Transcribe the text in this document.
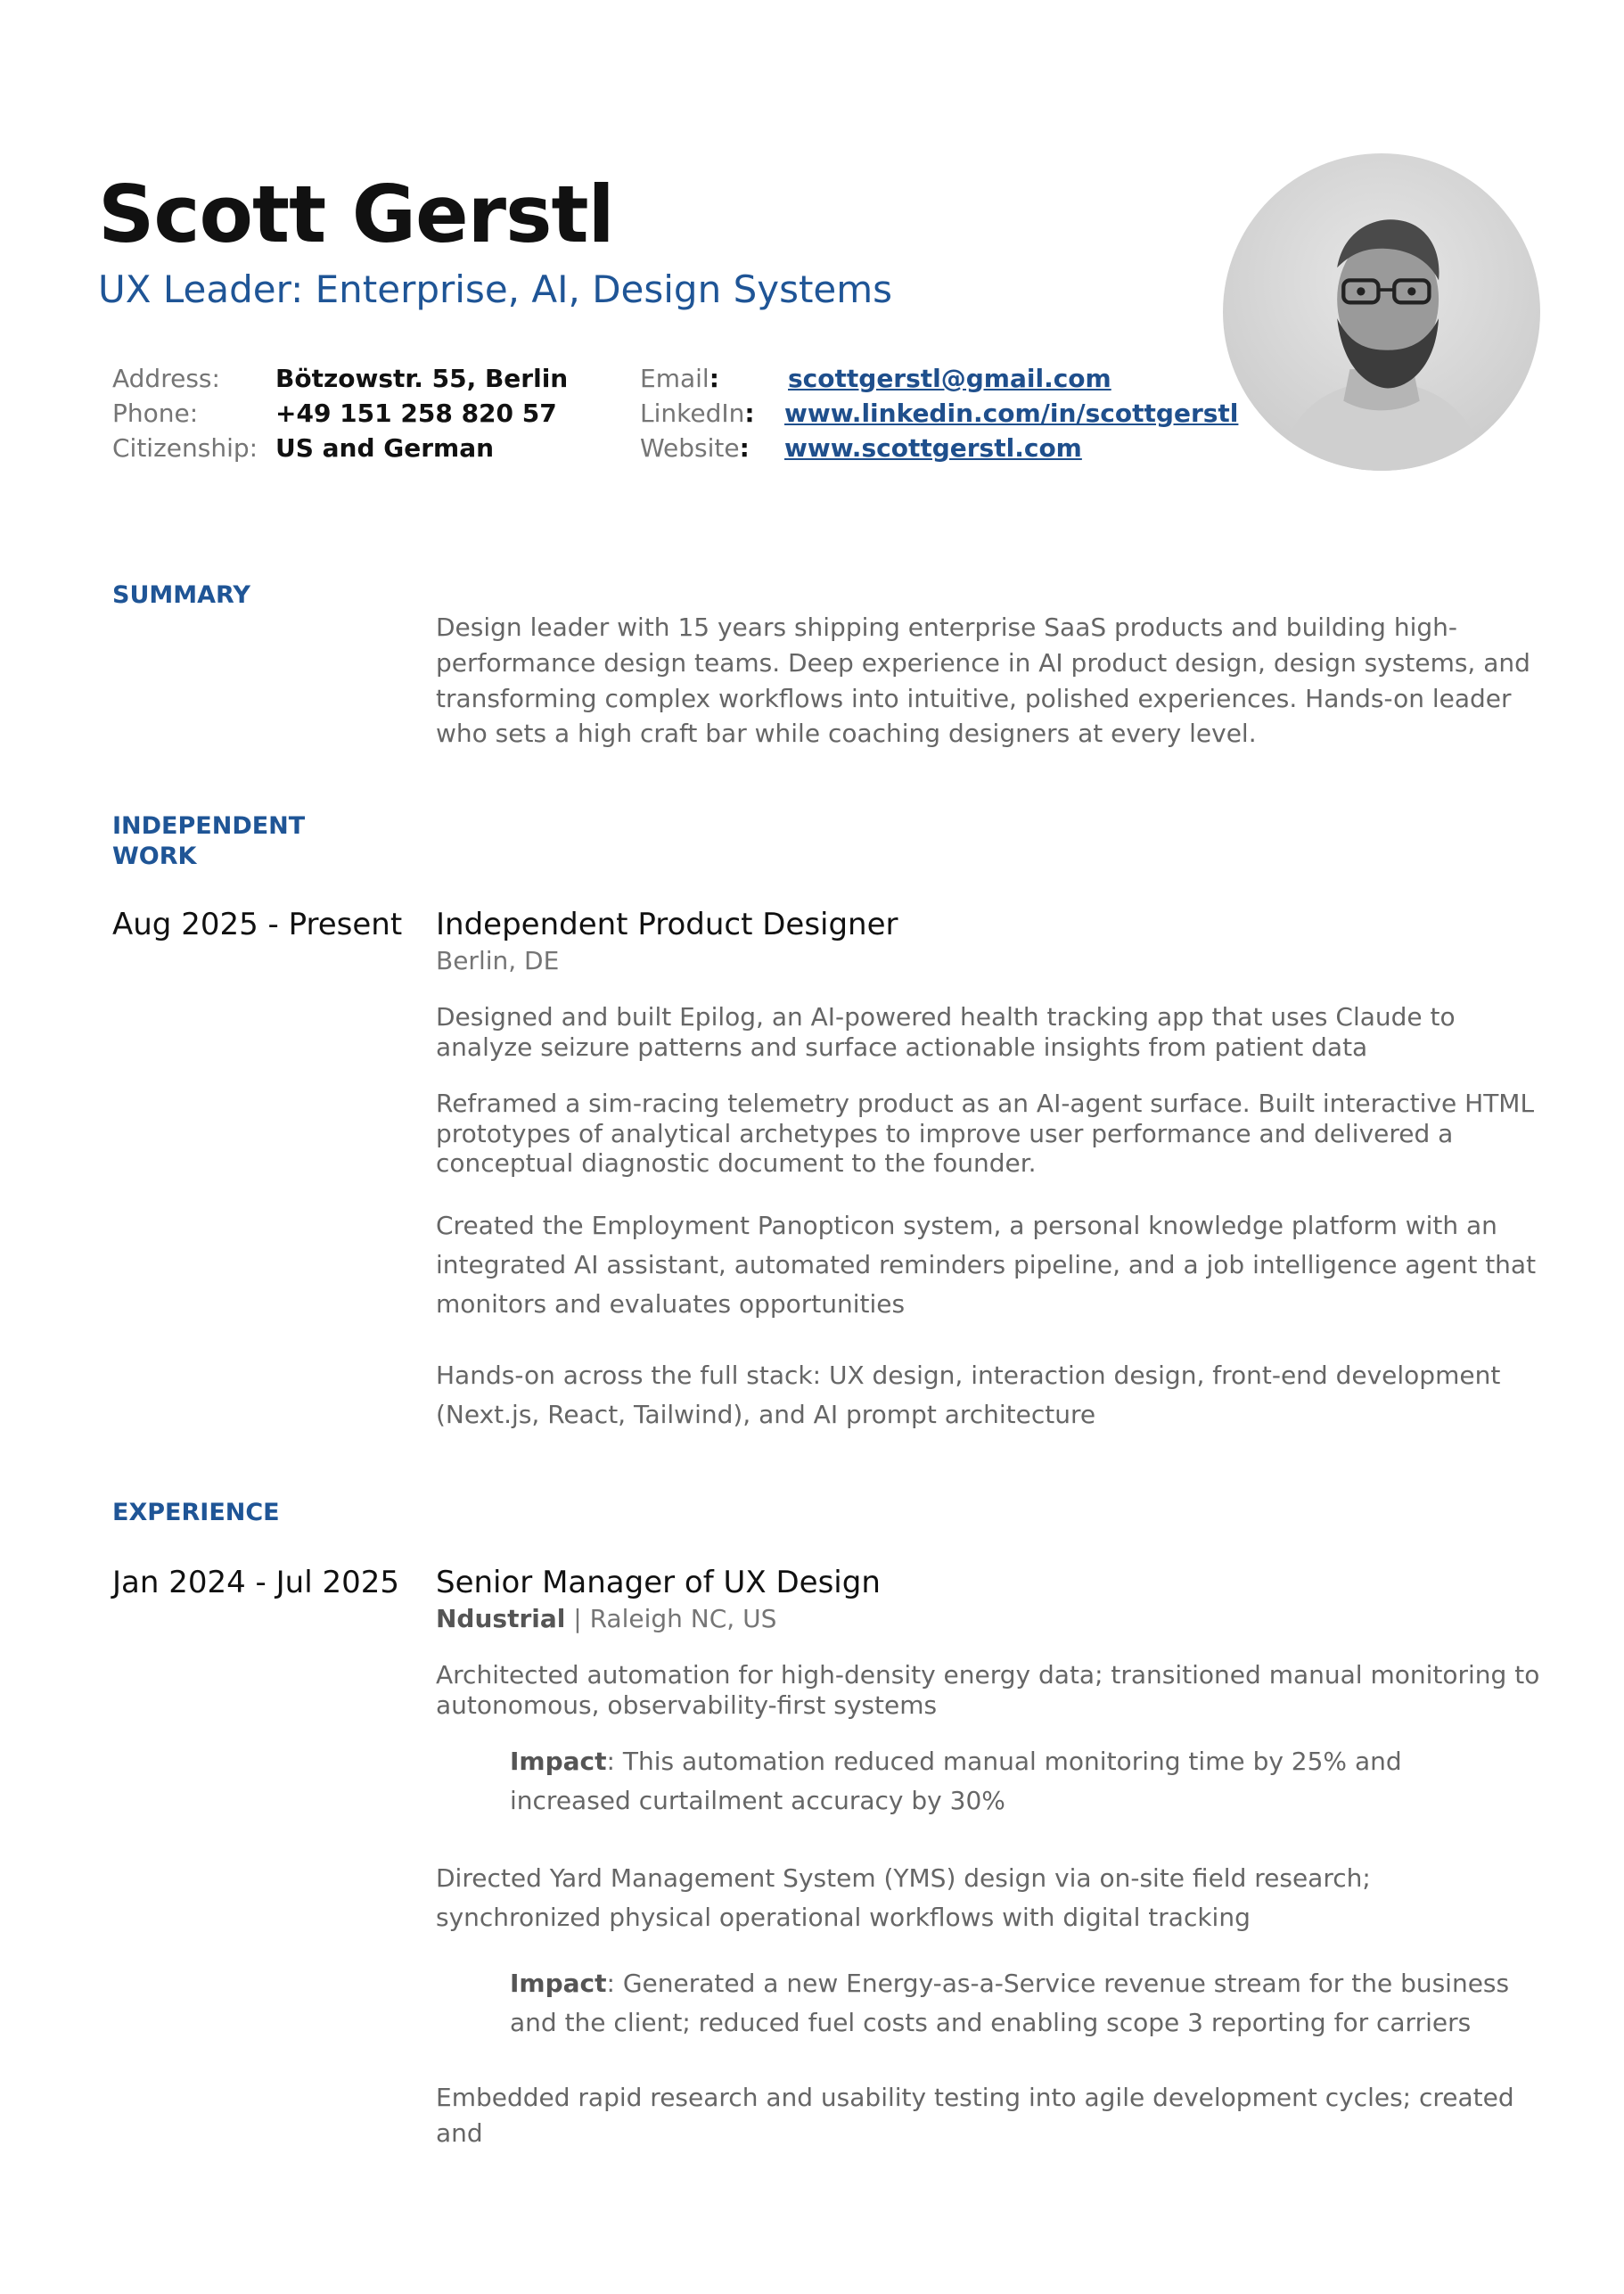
Scott Gerstl
UX Leader: Enterprise, AI, Design Systems
Address: Bötzowstr. 55, Berlin
Phone:	+49 151 258 820 57
Citizenship: US and German
Email:	scottgerstl@gmail.com
LinkedIn: www.linkedin.com/in/scottgerstl
Website: www.scottgerstl.com
SUMMARY
Design leader with 15 years shipping enterprise SaaS products and building high-performance design teams. Deep experience in AI product design, design systems, and transforming complex workflows into intuitive, polished experiences. Hands-on leader who sets a high craft bar while coaching designers at every level.
INDEPENDENT
WORK
Aug 2025 - Present Independent Product Designer
Berlin, DE
Designed and built Epilog, an AI-powered health tracking app that uses Claude to analyze seizure patterns and surface actionable insights from patient data
Reframed a sim-racing telemetry product as an AI-agent surface. Built interactive HTML prototypes of analytical archetypes to improve user performance and delivered a conceptual diagnostic document to the founder.
Created the Employment Panopticon system, a personal knowledge platform with an integrated AI assistant, automated reminders pipeline, and a job intelligence agent that monitors and evaluates opportunities
Hands-on across the full stack: UX design, interaction design, front-end development (Next.js, React, Tailwind), and AI prompt architecture
EXPERIENCE
Jan 2024 - Jul 2025 Senior Manager of UX Design
Ndustrial | Raleigh NC, US
Architected automation for high-density energy data; transitioned manual monitoring to autonomous, observability-first systems
Impact: This automation reduced manual monitoring time by 25% and increased curtailment accuracy by 30%
Directed Yard Management System (YMS) design via on-site field research; synchronized physical operational workflows with digital tracking
Impact: Generated a new Energy-as-a-Service revenue stream for the business and the client; reduced fuel costs and enabling scope 3 reporting for carriers
Embedded rapid research and usability testing into agile development cycles; created and
